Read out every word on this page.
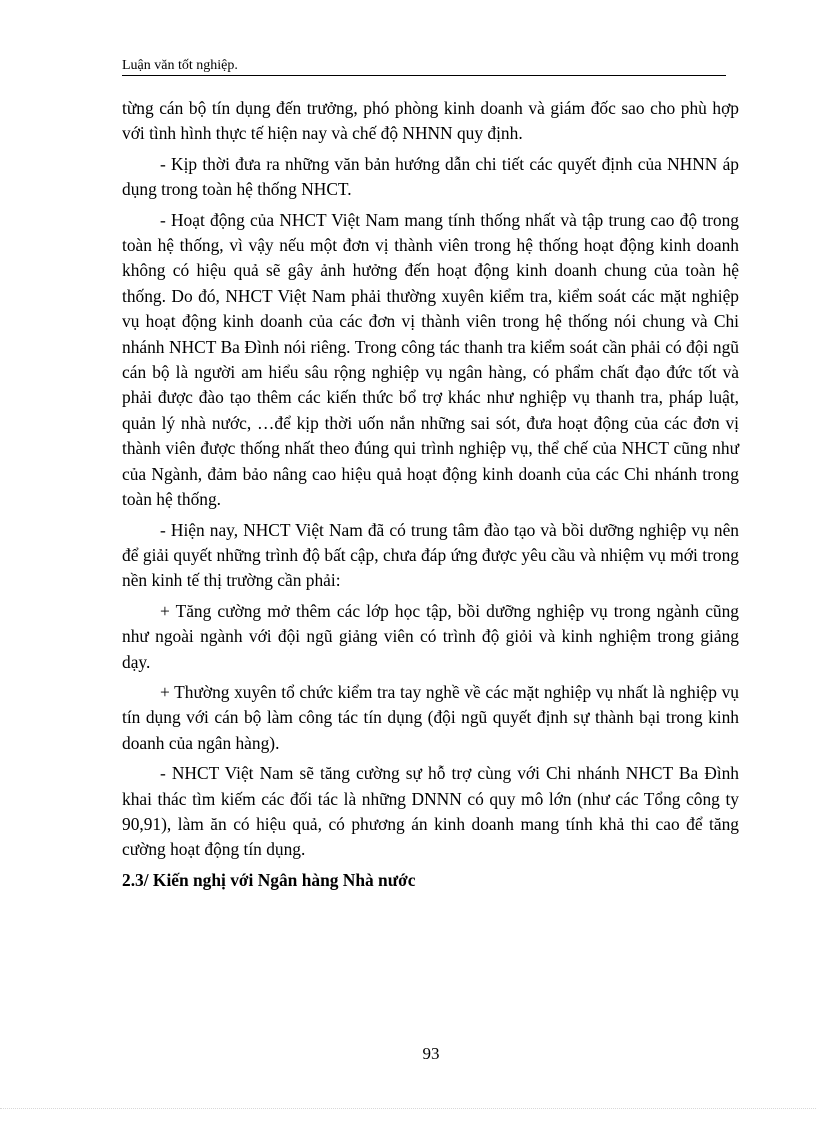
Luận văn tốt nghiệp.

từng cán bộ tín dụng đến trưởng, phó phòng kinh doanh và giám đốc sao cho phù hợp với tình hình thực tế hiện nay và chế độ NHNN quy định.

- Kịp thời đưa ra những văn bản hướng dẫn chi tiết các quyết định của NHNN áp dụng trong toàn hệ thống NHCT.

- Hoạt động của NHCT Việt Nam mang tính thống nhất và tập trung cao độ trong toàn hệ thống, vì vậy nếu một đơn vị thành viên trong hệ thống hoạt động kinh doanh không có hiệu quả sẽ gây ảnh hưởng đến hoạt động kinh doanh chung của toàn hệ thống. Do đó, NHCT Việt Nam phải thường xuyên kiểm tra, kiểm soát các mặt nghiệp vụ hoạt động kinh doanh của các đơn vị thành viên trong hệ thống nói chung và Chi nhánh NHCT Ba Đình nói riêng. Trong công tác thanh tra kiểm soát cần phải có đội ngũ cán bộ là người am hiểu sâu rộng nghiệp vụ ngân hàng, có phẩm chất đạo đức tốt và phải được đào tạo thêm các kiến thức bổ trợ khác như nghiệp vụ thanh tra, pháp luật, quản lý nhà nước, …để kịp thời uốn nắn những sai sót, đưa hoạt động của các đơn vị thành viên được thống nhất theo đúng qui trình nghiệp vụ, thể chế của NHCT cũng như của Ngành, đảm bảo nâng cao hiệu quả hoạt động kinh doanh của các Chi nhánh trong toàn hệ thống.

- Hiện nay, NHCT Việt Nam đã có trung tâm đào tạo và bồi dưỡng nghiệp vụ nên để giải quyết những trình độ bất cập, chưa đáp ứng được yêu cầu và nhiệm vụ mới trong nền kinh tế thị trường cần phải:

+ Tăng cường mở thêm các lớp học tập, bồi dưỡng nghiệp vụ trong ngành cũng như ngoài ngành với đội ngũ giảng viên có trình độ giỏi và kinh nghiệm trong giảng dạy.

+ Thường xuyên tổ chức kiểm tra tay nghề về các mặt nghiệp vụ nhất là nghiệp vụ tín dụng với cán bộ làm công tác tín dụng (đội ngũ quyết định sự thành bại trong kinh doanh của ngân hàng).

- NHCT Việt Nam sẽ tăng cường sự hỗ trợ cùng với Chi nhánh NHCT Ba Đình khai thác tìm kiếm các đối tác là những DNNN có quy mô lớn (như các Tổng công ty 90,91), làm ăn có hiệu quả, có phương án kinh doanh mang tính khả thi cao để tăng cường hoạt động tín dụng.

2.3/ Kiến nghị với Ngân hàng Nhà nước
93
